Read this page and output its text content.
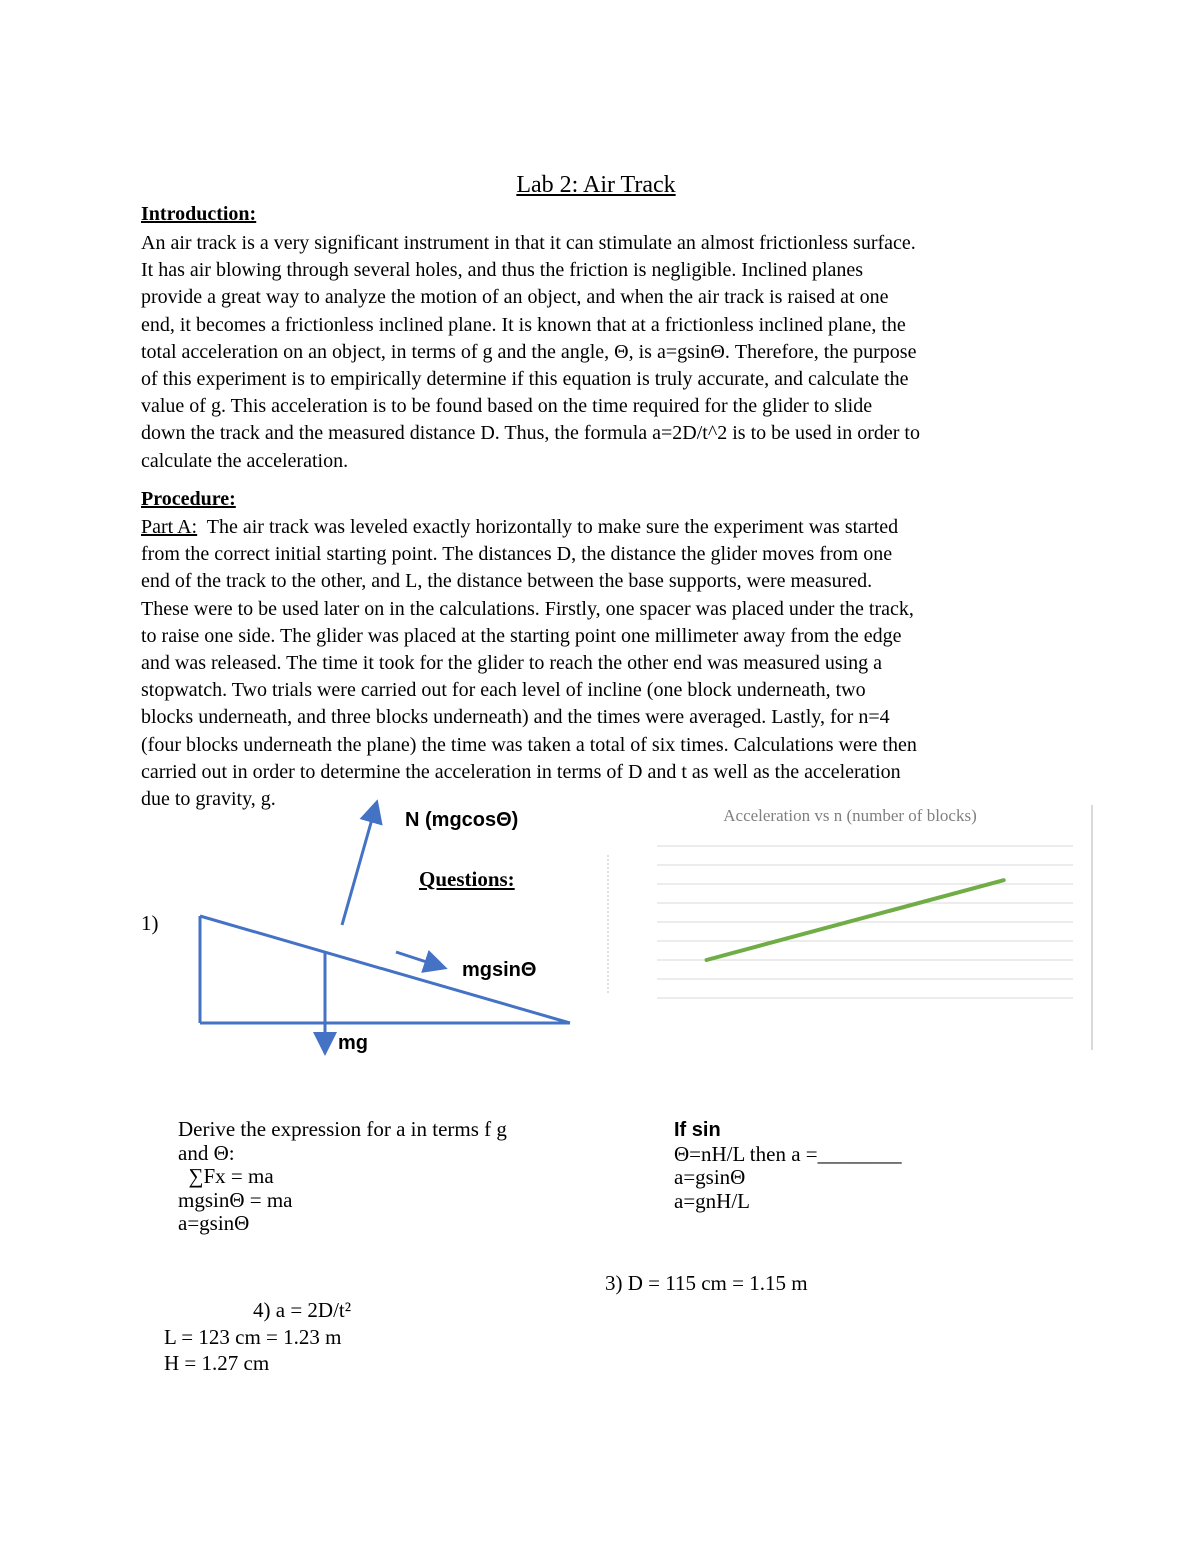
Lab 2: Air Track
Introduction:
An air track is a very significant instrument in that it can stimulate an almost frictionless surface.
It has air blowing through several holes, and thus the friction is negligible. Inclined planes
provide a great way to analyze the motion of an object, and when the air track is raised at one
end, it becomes a frictionless inclined plane. It is known that at a frictionless inclined plane, the
total acceleration on an object, in terms of g and the angle, Θ, is a=gsinΘ. Therefore, the purpose
of this experiment is to empirically determine if this equation is truly accurate, and calculate the
value of g. This acceleration is to be found based on the time required for the glider to slide
down the track and the measured distance D. Thus, the formula a=2D/t^2 is to be used in order to
calculate the acceleration.
Procedure:
Part A:  The air track was leveled exactly horizontally to make sure the experiment was started
from the correct initial starting point. The distances D, the distance the glider moves from one
end of the track to the other, and L, the distance between the base supports, were measured.
These were to be used later on in the calculations. Firstly, one spacer was placed under the track,
to raise one side. The glider was placed at the starting point one millimeter away from the edge
and was released. The time it took for the glider to reach the other end was measured using a
stopwatch. Two trials were carried out for each level of incline (one block underneath, two
blocks underneath, and three blocks underneath) and the times were averaged. Lastly, for n=4
(four blocks underneath the plane) the time was taken a total of six times. Calculations were then
carried out in order to determine the acceleration in terms of D and t as well as the acceleration
due to gravity, g.
N (mgcosΘ)
Questions:
1)
mgsinΘ
mg
Acceleration vs n (number of blocks)
Derive the expression for a in terms f g
and Θ:
∑Fx = ma
mgsinΘ = ma
a=gsinΘ
If sin
Θ=nH/L then a =________
a=gsinΘ
a=gnH/L
3) D = 115 cm = 1.15 m
4) a = 2D/t²
L = 123 cm = 1.23 m
H = 1.27 cm
